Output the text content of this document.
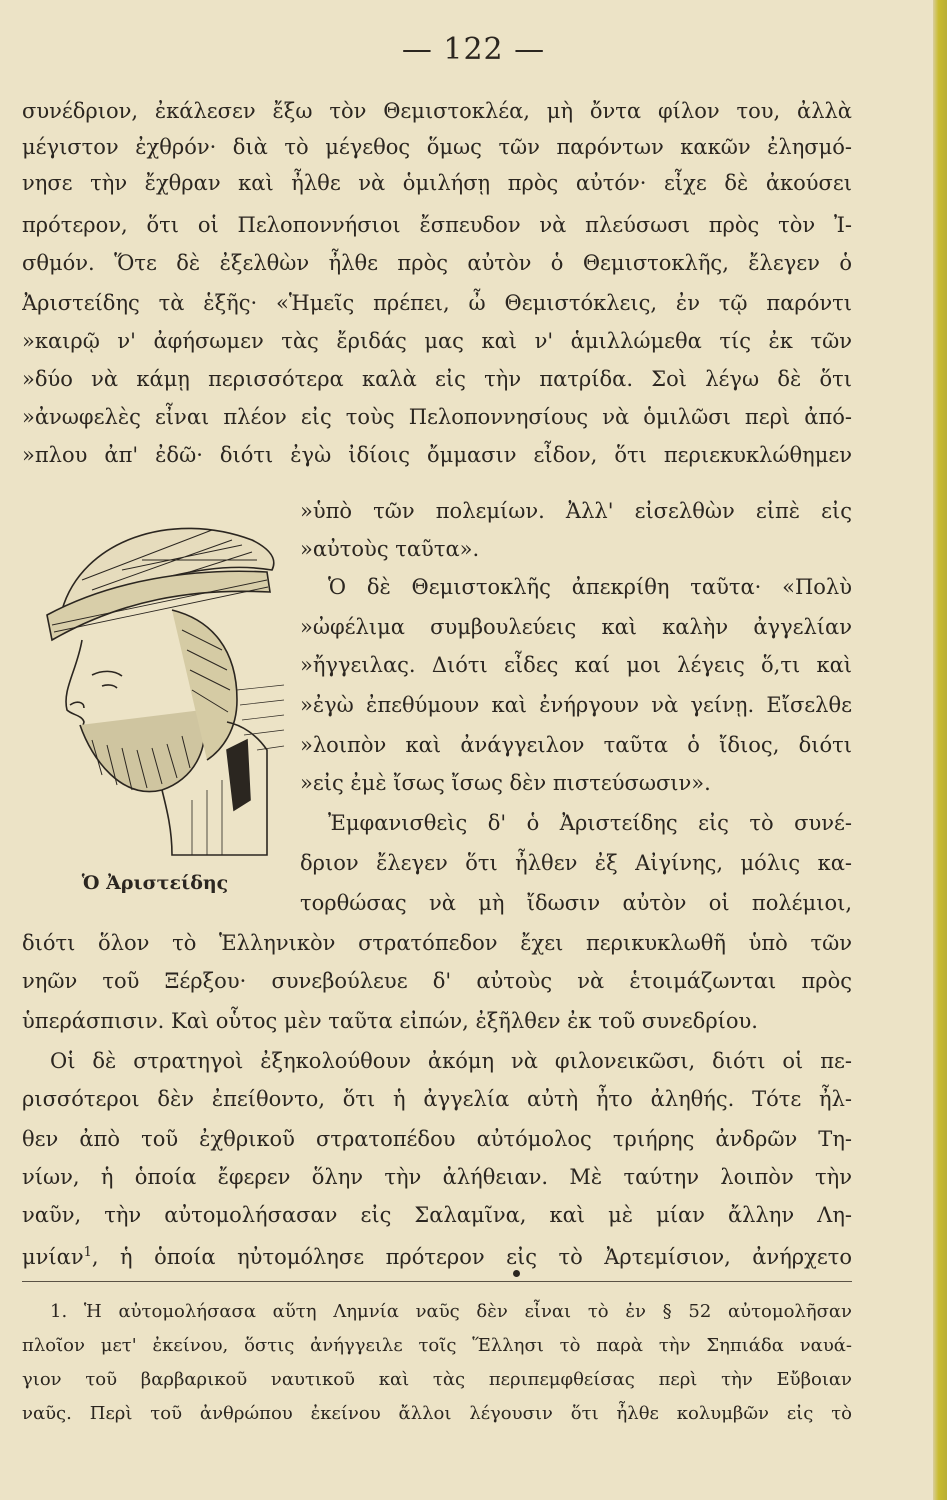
— 122 —
συνέδριον, ἐκάλεσεν ἔξω τὸν Θεμιστοκλέα, μὴ ὄντα φίλον του, ἀλλὰ
μέγιστον ἐχθρόν· διὰ τὸ μέγεθος ὅμως τῶν παρόντων κακῶν ἐλησμό-
νησε τὴν ἔχθραν καὶ ἦλθε νὰ ὁμιλήσῃ πρὸς αὐτόν· εἶχε δὲ ἀκούσει
πρότερον, ὅτι οἱ Πελοποννήσιοι ἔσπευδον νὰ πλεύσωσι πρὸς τὸν Ἰ-
σθμόν. Ὅτε δὲ ἐξελθὼν ἦλθε πρὸς αὐτὸν ὁ Θεμιστοκλῆς, ἔλεγεν ὁ
Ἀριστείδης τὰ ἑξῆς· «Ἡμεῖς πρέπει, ὦ Θεμιστόκλεις, ἐν τῷ παρόντι
»καιρῷ ν' ἀφήσωμεν τὰς ἔριδάς μας καὶ ν' ἁμιλλώμεθα τίς ἐκ τῶν
»δύο νὰ κάμῃ περισσότερα καλὰ εἰς τὴν πατρίδα. Σοὶ λέγω δὲ ὅτι
»ἀνωφελὲς εἶναι πλέον εἰς τοὺς Πελοποννησίους νὰ ὁμιλῶσι περὶ ἀπό-
»πλου ἀπ' ἐδῶ· διότι ἐγὼ ἰδίοις ὄμμασιν εἶδον, ὅτι περιεκυκλώθημεν
Ὁ Ἀριστείδης
»ὑπὸ τῶν πολεμίων. Ἀλλ' εἰσελθὼν εἰπὲ εἰς
»αὐτοὺς ταῦτα».
Ὁ δὲ Θεμιστοκλῆς ἀπεκρίθη ταῦτα· «Πολὺ
»ὠφέλιμα συμβουλεύεις καὶ καλὴν ἀγγελίαν
»ἤγγειλας. Διότι εἶδες καί μοι λέγεις ὅ,τι καὶ
»ἐγὼ ἐπεθύμουν καὶ ἐνήργουν νὰ γείνῃ. Εἴσελθε
»λοιπὸν καὶ ἀνάγγειλον ταῦτα ὁ ἴδιος, διότι
»εἰς ἐμὲ ἴσως ἴσως δὲν πιστεύσωσιν».
Ἐμφανισθεὶς δ' ὁ Ἀριστείδης εἰς τὸ συνέ-
δριον ἔλεγεν ὅτι ἦλθεν ἐξ Αἰγίνης, μόλις κα-
τορθώσας νὰ μὴ ἴδωσιν αὐτὸν οἱ πολέμιοι,
διότι ὅλον τὸ Ἑλληνικὸν στρατόπεδον ἔχει περικυκλωθῆ ὑπὸ τῶν
νηῶν τοῦ Ξέρξου· συνεβούλευε δ' αὐτοὺς νὰ ἑτοιμάζωνται πρὸς
ὑπεράσπισιν. Καὶ οὗτος μὲν ταῦτα εἰπών, ἐξῆλθεν ἐκ τοῦ συνεδρίου.
Οἱ δὲ στρατηγοὶ ἐξηκολούθουν ἀκόμη νὰ φιλονεικῶσι, διότι οἱ πε-
ρισσότεροι δὲν ἐπείθοντο, ὅτι ἡ ἀγγελία αὐτὴ ἦτο ἀληθής. Τότε ἦλ-
θεν ἀπὸ τοῦ ἐχθρικοῦ στρατοπέδου αὐτόμολος τριήρης ἀνδρῶν Τη-
νίων, ἡ ὁποία ἔφερεν ὅλην τὴν ἀλήθειαν. Μὲ ταύτην λοιπὸν τὴν
ναῦν, τὴν αὐτομολήσασαν εἰς Σαλαμῖνα, καὶ μὲ μίαν ἄλλην Λη-
μνίαν$^1$, ἡ ὁποία ηὐτομόλησε πρότερον εἰς τὸ Ἀρτεμίσιον, ἀνήρχετο
1. Ἡ αὐτομολήσασα αὕτη Λημνία ναῦς δὲν εἶναι τὸ ἐν § 52 αὐτομολῆσαν
πλοῖον μετ' ἐκείνου, ὅστις ἀνήγγειλε τοῖς Ἕλλησι τὸ παρὰ τὴν Σηπιάδα ναυά-
γιον τοῦ βαρβαρικοῦ ναυτικοῦ καὶ τὰς περιπεμφθείσας περὶ τὴν Εὔβοιαν
ναῦς. Περὶ τοῦ ἀνθρώπου ἐκείνου ἄλλοι λέγουσιν ὅτι ἦλθε κολυμβῶν εἰς τὸ
